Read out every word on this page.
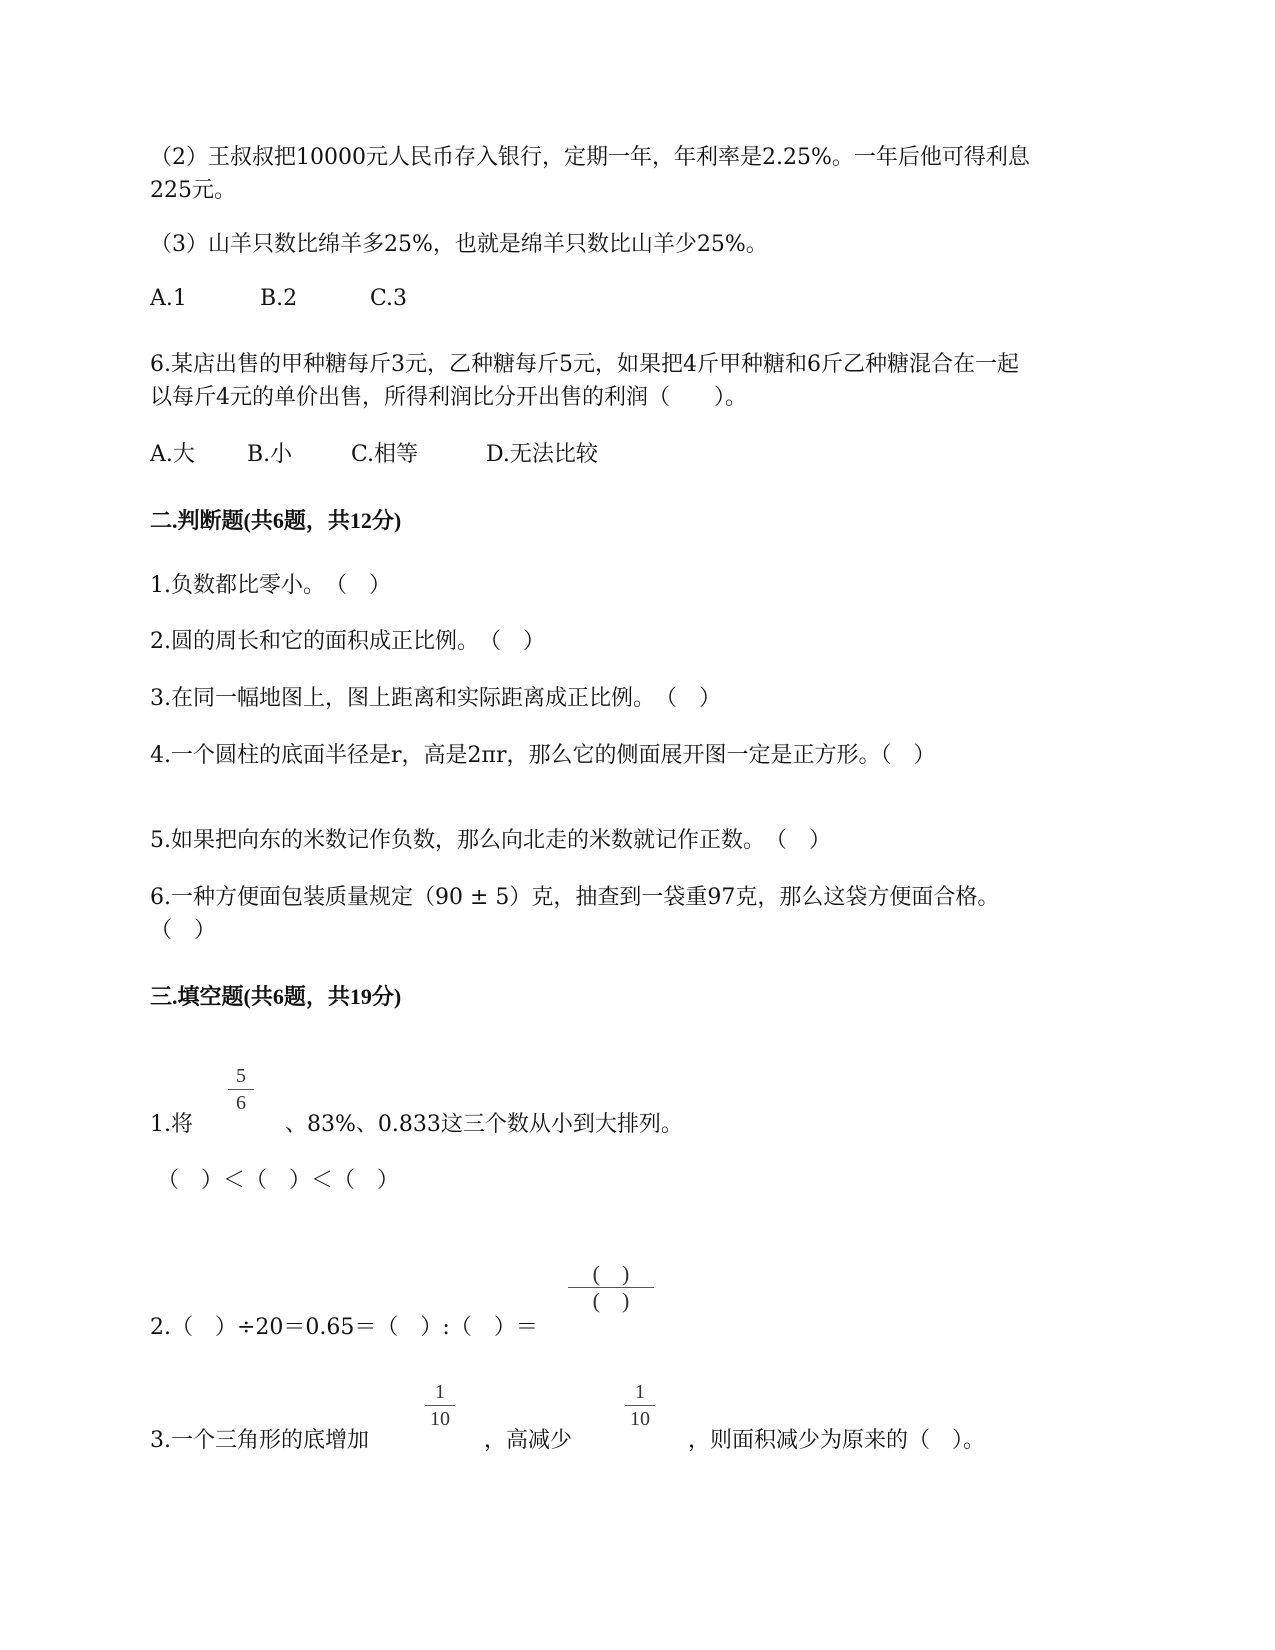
（2）王叔叔把10000元人民币存入银行，定期一年，年利率是2.25%。一年后他可得利息
225元。
（3）山羊只数比绵羊多25%，也就是绵羊只数比山羊少25%。
A.1	B.2	C.3
6.某店出售的甲种糖每斤3元，乙种糖每斤5元，如果把4斤甲种糖和6斤乙种糖混合在一起
以每斤4元的单价出售，所得利润比分开出售的利润（　　）。
A.大 B.小	C.相等	D.无法比较
二.判断题(共6题，共12分)
1.负数都比零小。　（　）
2.圆的周长和它的面积成正比例。　（　）
3.在同一幅地图上，图上距离和实际距离成正比例。　（　）
4.一个圆柱的底面半径是r，高是2πr，那么它的侧面展开图一定是正方形。（　）
5.如果把向东的米数记作负数，那么向北走的米数就记作正数。　（　）
6.一种方便面包装质量规定（90 ± 5）克，抽查到一袋重97克，那么这袋方便面合格。
（　）
三.填空题(共6题，共19分)
5
6
1.将	、83%、0.833这三个数从小到大排列。
（　）＜（　）＜（　）
2.（　）÷20＝0.65＝（　）:（　）＝
(　)
(　)
3.一个三角形的底增加
1
10
，高减少
1
10
，则面积减少为原来的（　）。
